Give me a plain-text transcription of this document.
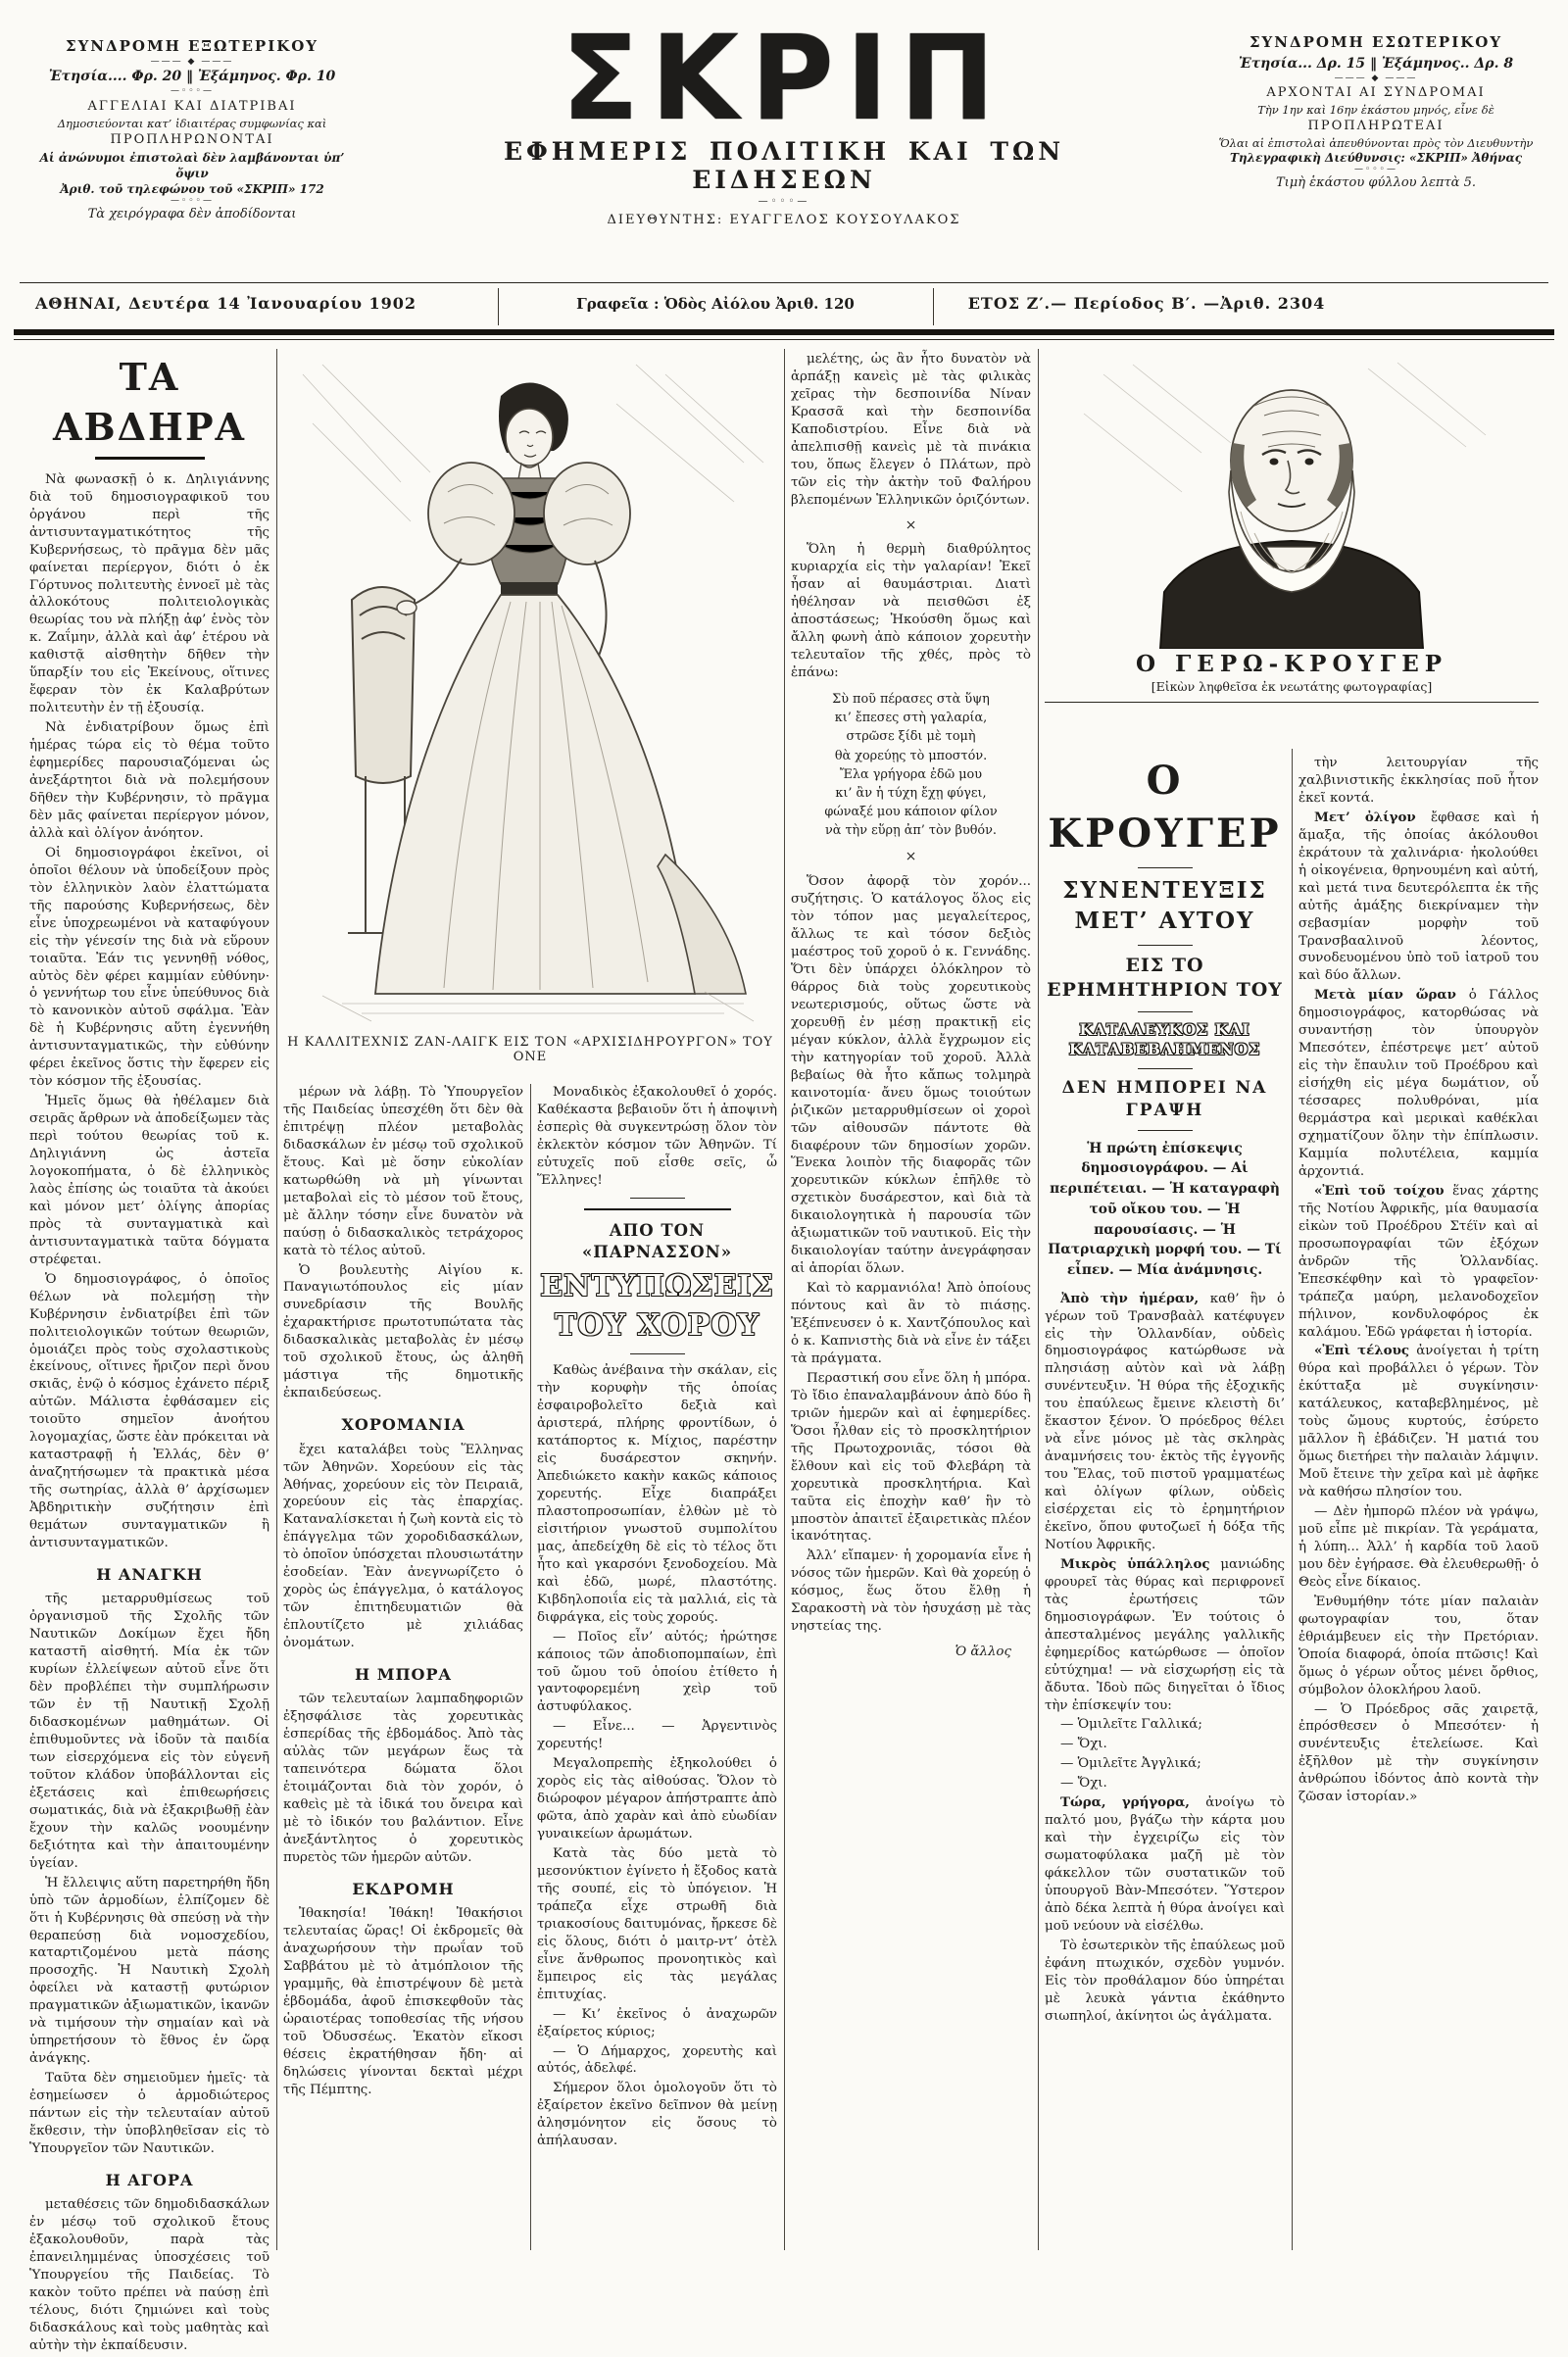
ΣΥΝΔΡΟΜΗ ΕΞΩΤΕΡΙΚΟΥ
——— ◆ ———
Ἐτησία.... Φρ. 20 ‖ Ἐξάμηνος. Φρ. 10
—◦◦◦—
ΑΓΓΕΛΙΑΙ ΚΑΙ ΔΙΑΤΡΙΒΑΙ
Δημοσιεύονται κατ’ ἰδιαιτέρας συμφωνίας καὶ
ΠΡΟΠΛΗΡΩΝΟΝΤΑΙ
Αἱ ἀνώνυμοι ἐπιστολαὶ δὲν λαμβάνονται ὑπ’ ὄψιν
Ἀριθ. τοῦ τηλεφώνου τοῦ «ΣΚΡΙΠ» 172
—◦◦◦—
Τὰ χειρόγραφα δὲν ἀποδίδονται
ΣΚΡΙΠ
ΕΦΗΜΕΡΙΣ ΠΟΛΙΤΙΚΗ ΚΑΙ ΤΩΝ ΕΙΔΗΣΕΩΝ
—◦◦◦—
ΔΙΕΥΘΥΝΤΗΣ: ΕΥΑΓΓΕΛΟΣ ΚΟΥΣΟΥΛΑΚΟΣ
ΣΥΝΔΡΟΜΗ ΕΣΩΤΕΡΙΚΟΥ
Ἐτησία... Δρ. 15 ‖ Ἐξάμηνος.. Δρ. 8
——— ◆ ———
ΑΡΧΟΝΤΑΙ ΑΙ ΣΥΝΔΡΟΜΑΙ
Τὴν 1ην καὶ 16ην ἑκάστου μηνός, εἶνε δὲ
ΠΡΟΠΛΗΡΩΤΕΑΙ
Ὅλαι αἱ ἐπιστολαὶ ἀπευθύνονται πρὸς τὸν Διευθυντὴν
Τηλεγραφικὴ Διεύθυνσις: «ΣΚΡΙΠ» Ἀθήνας
—◦◦◦—
Τιμὴ ἑκάστου φύλλου λεπτὰ 5.
ΑΘΗΝΑΙ, Δευτέρα 14 Ἰανουαρίου 1902	Γραφεῖα : Ὁδὸς Αἰόλου Ἀριθ. 120	ΕΤΟΣ Ζ′.— Περίοδος Β′. —Ἀριθ. 2304
ΤΑ ΑΒΔΗΡΑ

Νὰ φωνασκῇ ὁ κ. Δηλιγιάννης διὰ τοῦ δημοσιογραφικοῦ του ὀργάνου περὶ τῆς ἀντισυνταγματικότητος τῆς Κυβερνήσεως, τὸ πρᾶγμα δὲν μᾶς φαίνεται περίεργον, διότι ὁ ἐκ Γόρτυνος πολιτευτὴς ἐννοεῖ μὲ τὰς ἀλλοκότους πολιτειολογικὰς θεωρίας του νὰ πλήξῃ ἀφ’ ἑνὸς τὸν κ. Ζαΐμην, ἀλλὰ καὶ ἀφ’ ἑτέρου νὰ καθιστᾷ αἰσθητὴν δῆθεν τὴν ὕπαρξίν του εἰς Ἐκείνους, οἵτινες ἔφεραν τὸν ἐκ Καλαβρύτων πολιτευτὴν ἐν τῇ ἐξουσίᾳ.

Νὰ ἐνδιατρίβουν ὅμως ἐπὶ ἡμέρας τώρα εἰς τὸ θέμα τοῦτο ἐφημερίδες παρουσιαζόμεναι ὡς ἀνεξάρτητοι διὰ νὰ πολεμήσουν δῆθεν τὴν Κυβέρνησιν, τὸ πρᾶγμα δὲν μᾶς φαίνεται περίεργον μόνον, ἀλλὰ καὶ ὀλίγον ἀνόητον.

Οἱ δημοσιογράφοι ἐκεῖνοι, οἱ ὁποῖοι θέλουν νὰ ὑποδείξουν πρὸς τὸν ἑλληνικὸν λαὸν ἐλαττώματα τῆς παρούσης Κυβερνήσεως, δὲν εἶνε ὑποχρεωμένοι νὰ καταφύγουν εἰς τὴν γένεσίν της διὰ νὰ εὕρουν τοιαῦτα. Ἐάν τις γεννηθῇ νόθος, αὐτὸς δὲν φέρει καμμίαν εὐθύνην· ὁ γεννήτωρ του εἶνε ὑπεύθυνος διὰ τὸ κανονικὸν αὐτοῦ σφάλμα. Ἐὰν δὲ ἡ Κυβέρνησις αὕτη ἐγεννήθη ἀντισυνταγματικῶς, τὴν εὐθύνην φέρει ἐκεῖνος ὅστις τὴν ἔφερεν εἰς τὸν κόσμον τῆς ἐξουσίας.

Ἡμεῖς ὅμως θὰ ἠθέλαμεν διὰ σειρᾶς ἄρθρων νὰ ἀποδείξωμεν τὰς περὶ τούτου θεωρίας τοῦ κ. Δηλιγιάννη ὡς ἀστεῖα λογοκοπήματα, ὁ δὲ ἑλληνικὸς λαὸς ἐπίσης ὡς τοιαῦτα τὰ ἀκούει καὶ μόνον μετ’ ὀλίγης ἀπορίας πρὸς τὰ συνταγματικὰ καὶ ἀντισυνταγματικὰ ταῦτα δόγματα στρέφεται.

Ὁ δημοσιογράφος, ὁ ὁποῖος θέλων νὰ πολεμήσῃ τὴν Κυβέρνησιν ἐνδιατρίβει ἐπὶ τῶν πολιτειολογικῶν τούτων θεωριῶν, ὁμοιάζει πρὸς τοὺς σχολαστικοὺς ἐκείνους, οἵτινες ἤριζον περὶ ὄνου σκιᾶς, ἐνῷ ὁ κόσμος ἐχάνετο πέριξ αὐτῶν. Μάλιστα ἐφθάσαμεν εἰς τοιοῦτο σημεῖον ἀνοήτου λογομαχίας, ὥστε ἐὰν πρόκειται νὰ καταστραφῇ ἡ Ἑλλάς, δὲν θ’ ἀναζητήσωμεν τὰ πρακτικὰ μέσα τῆς σωτηρίας, ἀλλὰ θ’ ἀρχίσωμεν Ἀβδηριτικὴν συζήτησιν ἐπὶ θεμάτων συνταγματικῶν ἢ ἀντισυνταγματικῶν.

Η ΑΝΑΓΚΗ

τῆς μεταρρυθμίσεως τοῦ ὀργανισμοῦ τῆς Σχολῆς τῶν Ναυτικῶν Δοκίμων ἔχει ἤδη καταστῆ αἰσθητή. Μία ἐκ τῶν κυρίων ἐλλείψεων αὐτοῦ εἶνε ὅτι δὲν προβλέπει τὴν συμπλήρωσιν τῶν ἐν τῇ Ναυτικῇ Σχολῇ διδασκομένων μαθημάτων. Οἱ ἐπιθυμοῦντες νὰ ἰδοῦν τὰ παιδία των εἰσερχόμενα εἰς τὸν εὐγενῆ τοῦτον κλάδον ὑποβάλλονται εἰς ἐξετάσεις καὶ ἐπιθεωρήσεις σωματικάς, διὰ νὰ ἐξακριβωθῇ ἐὰν ἔχουν τὴν καλῶς νοουμένην δεξιότητα καὶ τὴν ἀπαιτουμένην ὑγείαν.

Ἡ ἔλλειψις αὕτη παρετηρήθη ἤδη ὑπὸ τῶν ἁρμοδίων, ἐλπίζομεν δὲ ὅτι ἡ Κυβέρνησις θὰ σπεύσῃ νὰ τὴν θεραπεύσῃ διὰ νομοσχεδίου, καταρτιζομένου μετὰ πάσης προσοχῆς. Ἡ Ναυτικὴ Σχολὴ ὀφείλει νὰ καταστῇ φυτώριον πραγματικῶν ἀξιωματικῶν, ἱκανῶν νὰ τιμήσουν τὴν σημαίαν καὶ νὰ ὑπηρετήσουν τὸ ἔθνος ἐν ὥρᾳ ἀνάγκης.

Ταῦτα δὲν σημειοῦμεν ἡμεῖς· τὰ ἐσημείωσεν ὁ ἁρμοδιώτερος πάντων εἰς τὴν τελευταίαν αὐτοῦ ἔκθεσιν, τὴν ὑποβληθεῖσαν εἰς τὸ Ὑπουργεῖον τῶν Ναυτικῶν.

Η ΑΓΟΡΑ

μεταθέσεις τῶν δημοδιδασκάλων ἐν μέσῳ τοῦ σχολικοῦ ἔτους ἐξακολουθοῦν, παρὰ τὰς ἐπανειλημμένας ὑποσχέσεις τοῦ Ὑπουργείου τῆς Παιδείας. Τὸ κακὸν τοῦτο πρέπει νὰ παύσῃ ἐπὶ τέλους, διότι ζημιώνει καὶ τοὺς διδασκάλους καὶ τοὺς μαθητὰς καὶ αὐτὴν τὴν ἐκπαίδευσιν.

Η ΚΑΛΛΙΤΕΧΝΙΣ ΖΑΝ-ΛΑΙΓΚ ΕΙΣ ΤΟΝ «ΑΡΧΙΣΙΔΗΡΟΥΡΓΟΝ» ΤΟΥ ΟΝΕ

μέρων νὰ λάβῃ. Τὸ Ὑπουργεῖον τῆς Παιδείας ὑπεσχέθη ὅτι δὲν θὰ ἐπιτρέψῃ πλέον μεταβολὰς διδασκάλων ἐν μέσῳ τοῦ σχολικοῦ ἔτους. Καὶ μὲ ὅσην εὐκολίαν κατωρθώθη νὰ μὴ γίνωνται μεταβολαὶ εἰς τὸ μέσον τοῦ ἔτους, μὲ ἄλλην τόσην εἶνε δυνατὸν νὰ παύσῃ ὁ διδασκαλικὸς τετράχορος κατὰ τὸ τέλος αὐτοῦ.

Ὁ βουλευτὴς Αἰγίου κ. Παναγιωτόπουλος εἰς μίαν συνεδρίασιν τῆς Βουλῆς ἐχαρακτήρισε πρωτοτυπώτατα τὰς διδασκαλικὰς μεταβολὰς ἐν μέσῳ τοῦ σχολικοῦ ἔτους, ὡς ἀληθῆ μάστιγα τῆς δημοτικῆς ἐκπαιδεύσεως.

ΧΟΡΟΜΑΝΙΑ

ἔχει καταλάβει τοὺς Ἕλληνας τῶν Ἀθηνῶν. Χορεύουν εἰς τὰς Ἀθήνας, χορεύουν εἰς τὸν Πειραιᾶ, χορεύουν εἰς τὰς ἐπαρχίας. Καταναλίσκεται ἡ ζωὴ κοντὰ εἰς τὸ ἐπάγγελμα τῶν χοροδιδασκάλων, τὸ ὁποῖον ὑπόσχεται πλουσιωτάτην ἐσοδείαν. Ἐὰν ἀνεγνωρίζετο ὁ χορὸς ὡς ἐπάγγελμα, ὁ κατάλογος τῶν ἐπιτηδευματιῶν θὰ ἐπλουτίζετο μὲ χιλιάδας ὀνομάτων.

Η ΜΠΟΡΑ

τῶν τελευταίων λαμπαδηφοριῶν ἐξησφάλισε τὰς χορευτικὰς ἑσπερίδας τῆς ἑβδομάδος. Ἀπὸ τὰς αὐλὰς τῶν μεγάρων ἕως τὰ ταπεινότερα δώματα ὅλοι ἑτοιμάζονται διὰ τὸν χορόν, ὁ καθεὶς μὲ τὰ ἰδικά του ὄνειρα καὶ μὲ τὸ ἰδικόν του βαλάντιον. Εἶνε ἀνεξάντλητος ὁ χορευτικὸς πυρετὸς τῶν ἡμερῶν αὐτῶν.

ΕΚΔΡΟΜΗ

Ἰθακησία! Ἰθάκη! Ἰθακήσιοι τελευταίας ὥρας! Οἱ ἐκδρομεῖς θὰ ἀναχωρήσουν τὴν πρωΐαν τοῦ Σαββάτου μὲ τὸ ἀτμόπλοιον τῆς γραμμῆς, θὰ ἐπιστρέψουν δὲ μετὰ ἑβδομάδα, ἀφοῦ ἐπισκεφθοῦν τὰς ὡραιοτέρας τοποθεσίας τῆς νήσου τοῦ Ὀδυσσέως. Ἑκατὸν εἴκοσι θέσεις ἐκρατήθησαν ἤδη· αἱ δηλώσεις γίνονται δεκταὶ μέχρι τῆς Πέμπτης.

Μοναδικὸς ἐξακολουθεῖ ὁ χορός. Καθέκαστα βεβαιοῦν ὅτι ἡ ἀποψινὴ ἑσπερὶς θὰ συγκεντρώσῃ ὅλον τὸν ἐκλεκτὸν κόσμον τῶν Ἀθηνῶν. Τί εὐτυχεῖς ποῦ εἶσθε σεῖς, ὦ Ἕλληνες!

ΑΠΟ ΤΟΝ «ΠΑΡΝΑΣΣΟΝ»
ΕΝΤΥΠΩΣΕΙΣ ΤΟΥ ΧΟΡΟΥ

Καθὼς ἀνέβαινα τὴν σκάλαν, εἰς τὴν κορυφὴν τῆς ὁποίας ἐσφαιροβολεῖτο δεξιὰ καὶ ἀριστερά, πλήρης φροντίδων, ὁ κατάπορτος κ. Μίχιος, παρέστην εἰς δυσάρεστον σκηνήν. Ἀπεδιώκετο κακὴν κακῶς κάποιος χορευτής. Εἶχε διαπράξει πλαστοπροσωπίαν, ἐλθὼν μὲ τὸ εἰσιτήριον γνωστοῦ συμπολίτου μας, ἀπεδείχθη δὲ εἰς τὸ τέλος ὅτι ἦτο καὶ γκαρσόνι ξενοδοχείου. Μὰ καὶ ἐδῶ, μωρέ, πλαστότης. Κιβδηλοποιΐα εἰς τὰ μαλλιά, εἰς τὰ διφράγκα, εἰς τοὺς χορούς.

— Ποῖος εἶν’ αὐτός; ἠρώτησε κάποιος τῶν ἀποδιοπομπαίων, ἐπὶ τοῦ ὤμου τοῦ ὁποίου ἐτίθετο ἡ γαντοφορεμένη χεὶρ τοῦ ἀστυφύλακος.

— Εἶνε... — Ἀργεντινὸς χορευτής!

Μεγαλοπρεπὴς ἐξηκολούθει ὁ χορὸς εἰς τὰς αἰθούσας. Ὅλον τὸ διώροφον μέγαρον ἀπήστραπτε ἀπὸ φῶτα, ἀπὸ χαρὰν καὶ ἀπὸ εὐωδίαν γυναικείων ἀρωμάτων.

Κατὰ τὰς δύο μετὰ τὸ μεσονύκτιον ἐγίνετο ἡ ἔξοδος κατὰ τῆς σουπέ, εἰς τὸ ὑπόγειον. Ἡ τράπεζα εἶχε στρωθῆ διὰ τριακοσίους δαιτυμόνας, ἤρκεσε δὲ εἰς ὅλους, διότι ὁ μαιτρ-ντ’ ὁτὲλ εἶνε ἄνθρωπος προνοητικὸς καὶ ἔμπειρος εἰς τὰς μεγάλας ἐπιτυχίας.

— Κι’ ἐκεῖνος ὁ ἀναχωρῶν ἐξαίρετος κύριος;

— Ὁ Δήμαρχος, χορευτὴς καὶ αὐτός, ἀδελφέ.

Σήμερον ὅλοι ὁμολογοῦν ὅτι τὸ ἐξαίρετον ἐκεῖνο δεῖπνον θὰ μείνῃ ἀλησμόνητον εἰς ὅσους τὸ ἀπήλαυσαν.

μελέτης, ὡς ἂν ἦτο δυνατὸν νὰ ἁρπάξῃ κανεὶς μὲ τὰς φιλικὰς χεῖρας τὴν δεσποινίδα Νίναν Κρασσᾶ καὶ τὴν δεσποινίδα Καποδιστρίου. Εἶνε διὰ νὰ ἀπελπισθῇ κανεὶς μὲ τὰ πινάκια του, ὅπως ἔλεγεν ὁ Πλάτων, πρὸ τῶν εἰς τὴν ἀκτὴν τοῦ Φαλήρου βλεπομένων Ἑλληνικῶν ὁριζόντων.

×

Ὅλη ἡ θερμὴ διαθρύλητος κυριαρχία εἰς τὴν γαλαρίαν! Ἐκεῖ ἦσαν αἱ θαυμάστριαι. Διατὶ ἠθέλησαν νὰ πεισθῶσι ἐξ ἀποστάσεως; Ἠκούσθη ὅμως καὶ ἄλλη φωνὴ ἀπὸ κάποιον χορευτὴν τελευταῖον τῆς χθές, πρὸς τὸ ἐπάνω:

Σὺ ποῦ πέρασες στὰ ὕψη
κι’ ἔπεσες στὴ γαλαρία,
στρῶσε ξίδι μὲ τομὴ
θὰ χορεύῃς τὸ μποστόν.
Ἔλα γρήγορα ἐδῶ μου
κι’ ἂν ἡ τύχη ἔχῃ φύγει,
φώναξέ μου κάποιον φίλον
νὰ τὴν εὕρῃ ἀπ’ τὸν βυθόν.
×

Ὅσον ἀφορᾷ τὸν χορόν... συζήτησις. Ὁ κατάλογος ὅλος εἰς τὸν τόπον μας μεγαλείτερος, ἄλλως τε καὶ τόσον δεξιὸς μαέστρος τοῦ χοροῦ ὁ κ. Γεννάδης. Ὅτι δὲν ὑπάρχει ὁλόκληρον τὸ θάρρος διὰ τοὺς χορευτικοὺς νεωτερισμούς, οὕτως ὥστε νὰ χορευθῇ ἐν μέσῃ πρακτικῇ εἰς μέγαν κύκλον, ἀλλὰ ἔγχρωμον εἰς τὴν κατηγορίαν τοῦ χοροῦ. Ἀλλὰ βεβαίως θὰ ἦτο κἄπως τολμηρὰ καινοτομία· ἄνευ ὅμως τοιούτων ῥιζικῶν μεταρρυθμίσεων οἱ χοροὶ τῶν αἰθουσῶν πάντοτε θὰ διαφέρουν τῶν δημοσίων χορῶν. Ἕνεκα λοιπὸν τῆς διαφορᾶς τῶν χορευτικῶν κύκλων ἐπῆλθε τὸ σχετικὸν δυσάρεστον, καὶ διὰ τὰ δικαιολογητικὰ ἡ παρουσία τῶν ἀξιωματικῶν τοῦ ναυτικοῦ. Εἰς τὴν δικαιολογίαν ταύτην ἀνεγράφησαν αἱ ἀπορίαι ὅλων.

Καὶ τὸ καρμανιόλα! Ἀπὸ ὁποίους πόντους καὶ ἂν τὸ πιάσῃς. Ἐξέπνευσεν ὁ κ. Χαντζόπουλος καὶ ὁ κ. Καπνιστὴς διὰ νὰ εἶνε ἐν τάξει τὰ πράγματα.

Περαστική σου εἶνε ὅλη ἡ μπόρα. Τὸ ἴδιο ἐπαναλαμβάνουν ἀπὸ δύο ἢ τριῶν ἡμερῶν καὶ αἱ ἐφημερίδες. Ὅσοι ἦλθαν εἰς τὸ προσκλητήριον τῆς Πρωτοχρονιᾶς, τόσοι θὰ ἔλθουν καὶ εἰς τοῦ Φλεβάρη τὰ χορευτικὰ προσκλητήρια. Καὶ ταῦτα εἰς ἐποχὴν καθ’ ἣν τὸ μποστὸν ἀπαιτεῖ ἐξαιρετικὰς πλέον ἱκανότητας.

Ἀλλ’ εἴπαμεν· ἡ χορομανία εἶνε ἡ νόσος τῶν ἡμερῶν. Καὶ θὰ χορεύῃ ὁ κόσμος, ἕως ὅτου ἔλθῃ ἡ Σαρακοστὴ νὰ τὸν ἡσυχάσῃ μὲ τὰς νηστείας της.

Ὁ ἄλλος
Ο ΓΕΡΩ-ΚΡΟΥΓΕΡ
[Εἰκὼν ληφθεῖσα ἐκ νεωτάτης φωτογραφίας]
Ο ΚΡΟΥΓΕΡ
ΣΥΝΕΝΤΕΥΞΙΣ ΜΕΤ’ ΑΥΤΟΥ
ΕΙΣ ΤΟ ΕΡΗΜΗΤΗΡΙΟΝ ΤΟΥ
ΚΑΤΑΛΕΥΚΟΣ ΚΑΙ ΚΑΤΑΒΕΒΛΗΜΕΝΟΣ
ΔΕΝ ΗΜΠΟΡΕΙ ΝΑ ΓΡΑΨΗ
Ἡ πρώτη ἐπίσκεψις δημοσιογράφου. — Αἱ περιπέτειαι. — Ἡ καταγραφὴ τοῦ οἴκου του. — Ἡ παρουσίασις. — Ἡ Πατριαρχικὴ μορφή του. — Τί εἶπεν. — Μία ἀνάμνησις.

Ἀπὸ τὴν ἡμέραν, καθ’ ἣν ὁ γέρων τοῦ Τρανσβαὰλ κατέφυγεν εἰς τὴν Ὁλλανδίαν, οὐδεὶς δημοσιογράφος κατώρθωσε νὰ πλησιάσῃ αὐτὸν καὶ νὰ λάβῃ συνέντευξιν. Ἡ θύρα τῆς ἐξοχικῆς του ἐπαύλεως ἔμεινε κλειστὴ δι’ ἕκαστον ξένον. Ὁ πρόεδρος θέλει νὰ εἶνε μόνος μὲ τὰς σκληρὰς ἀναμνήσεις του· ἐκτὸς τῆς ἐγγονῆς του Ἔλας, τοῦ πιστοῦ γραμματέως καὶ ὀλίγων φίλων, οὐδεὶς εἰσέρχεται εἰς τὸ ἐρημητήριον ἐκεῖνο, ὅπου φυτοζωεῖ ἡ δόξα τῆς Νοτίου Ἀφρικῆς.

Μικρὸς ὑπάλληλος μανιώδης φρουρεῖ τὰς θύρας καὶ περιφρονεῖ τὰς ἐρωτήσεις τῶν δημοσιογράφων. Ἐν τούτοις ὁ ἀπεσταλμένος μεγάλης γαλλικῆς ἐφημερίδος κατώρθωσε — ὁποῖον εὐτύχημα! — νὰ εἰσχωρήσῃ εἰς τὰ ἄδυτα. Ἰδοὺ πῶς διηγεῖται ὁ ἴδιος τὴν ἐπίσκεψίν του:

— Ὁμιλεῖτε Γαλλικά;

— Ὄχι.

— Ὁμιλεῖτε Ἀγγλικά;

— Ὄχι.

Τώρα, γρήγορα, ἀνοίγω τὸ παλτό μου, βγάζω τὴν κάρτα μου καὶ τὴν ἐγχειρίζω εἰς τὸν σωματοφύλακα μαζῆ μὲ τὸν φάκελλον τῶν συστατικῶν τοῦ ὑπουργοῦ Βὰν-Μπεσότεν. Ὕστερον ἀπὸ δέκα λεπτὰ ἡ θύρα ἀνοίγει καὶ μοῦ νεύουν νὰ εἰσέλθω.

Τὸ ἐσωτερικὸν τῆς ἐπαύλεως μοῦ ἐφάνη πτωχικόν, σχεδὸν γυμνόν. Εἰς τὸν προθάλαμον δύο ὑπηρέται μὲ λευκὰ γάντια ἐκάθηντο σιωπηλοί, ἀκίνητοι ὡς ἀγάλματα.

τὴν λειτουργίαν τῆς χαλβινιστικῆς ἐκκλησίας ποῦ ἦτον ἐκεῖ κοντά.

Μετ’ ὀλίγον ἔφθασε καὶ ἡ ἅμαξα, τῆς ὁποίας ἀκόλουθοι ἐκράτουν τὰ χαλινάρια· ἠκολούθει ἡ οἰκογένεια, θρηνουμένη καὶ αὐτή, καὶ μετά τινα δευτερόλεπτα ἐκ τῆς αὐτῆς ἁμάξης διεκρίναμεν τὴν σεβασμίαν μορφὴν τοῦ Τρανσβααλινοῦ λέοντος, συνοδευομένου ὑπὸ τοῦ ἰατροῦ του καὶ δύο ἄλλων.

Μετὰ μίαν ὥραν ὁ Γάλλος δημοσιογράφος, κατορθώσας νὰ συναντήσῃ τὸν ὑπουργὸν Μπεσότεν, ἐπέστρεψε μετ’ αὐτοῦ εἰς τὴν ἔπαυλιν τοῦ Προέδρου καὶ εἰσήχθη εἰς μέγα δωμάτιον, οὗ τέσσαρες πολυθρόναι, μία θερμάστρα καὶ μερικαὶ καθέκλαι σχηματίζουν ὅλην τὴν ἐπίπλωσιν. Καμμία πολυτέλεια, καμμία ἀρχοντιά.

«Ἐπὶ τοῦ τοίχου ἕνας χάρτης τῆς Νοτίου Ἀφρικῆς, μία θαυμασία εἰκὼν τοῦ Προέδρου Στέϊν καὶ αἱ προσωπογραφίαι τῶν ἐξόχων ἀνδρῶν τῆς Ὁλλανδίας. Ἐπεσκέφθην καὶ τὸ γραφεῖον· τράπεζα μαύρη, μελανοδοχεῖον πήλινον, κονδυλοφόρος ἐκ καλάμου. Ἐδῶ γράφεται ἡ ἱστορία.

«Ἐπὶ τέλους ἀνοίγεται ἡ τρίτη θύρα καὶ προβάλλει ὁ γέρων. Τὸν ἐκύτταξα μὲ συγκίνησιν· κατάλευκος, καταβεβλημένος, μὲ τοὺς ὤμους κυρτούς, ἐσύρετο μᾶλλον ἢ ἐβάδιζεν. Ἡ ματιά του ὅμως διετήρει τὴν παλαιὰν λάμψιν. Μοῦ ἔτεινε τὴν χεῖρα καὶ μὲ ἀφῆκε νὰ καθήσω πλησίον του.

— Δὲν ἠμπορῶ πλέον νὰ γράψω, μοῦ εἶπε μὲ πικρίαν. Τὰ γεράματα, ἡ λύπη... Ἀλλ’ ἡ καρδία τοῦ λαοῦ μου δὲν ἐγήρασε. Θὰ ἐλευθερωθῇ· ὁ Θεὸς εἶνε δίκαιος.

Ἐνθυμήθην τότε μίαν παλαιὰν φωτογραφίαν του, ὅταν ἐθριάμβευεν εἰς τὴν Πρετόριαν. Ὁποία διαφορά, ὁποία πτῶσις! Καὶ ὅμως ὁ γέρων οὗτος μένει ὄρθιος, σύμβολον ὁλοκλήρου λαοῦ.

— Ὁ Πρόεδρος σᾶς χαιρετᾷ, ἐπρόσθεσεν ὁ Μπεσότεν· ἡ συνέντευξις ἐτελείωσε. Καὶ ἐξῆλθον μὲ τὴν συγκίνησιν ἀνθρώπου ἰδόντος ἀπὸ κοντὰ τὴν ζῶσαν ἱστορίαν.»
